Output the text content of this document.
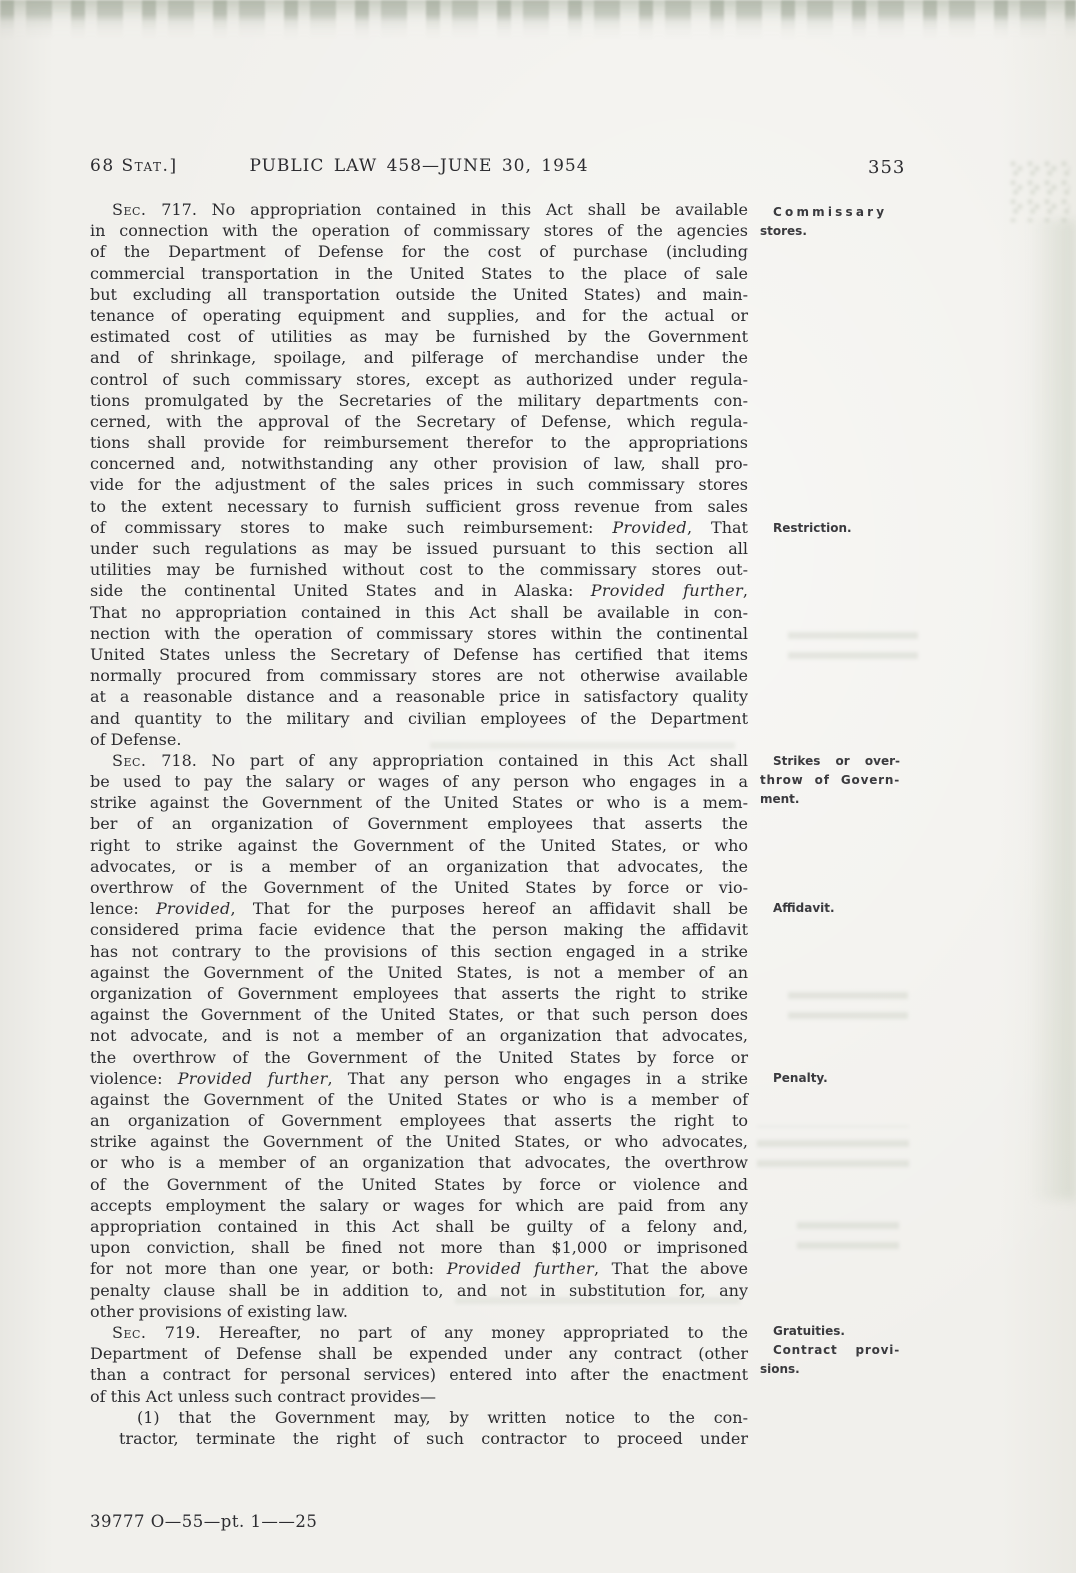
68 Stat.]	PUBLIC LAW 458—JUNE 30, 1954	353
Sec. 717. No appropriation contained in this Act shall be available
in connection with the operation of commissary stores of the agencies
of the Department of Defense for the cost of purchase (including
commercial transportation in the United States to the place of sale
but excluding all transportation outside the United States) and main-
tenance of operating equipment and supplies, and for the actual or
estimated cost of utilities as may be furnished by the Government
and of shrinkage, spoilage, and pilferage of merchandise under the
control of such commissary stores, except as authorized under regula-
tions promulgated by the Secretaries of the military departments con-
cerned, with the approval of the Secretary of Defense, which regula-
tions shall provide for reimbursement therefor to the appropriations
concerned and, notwithstanding any other provision of law, shall pro-
vide for the adjustment of the sales prices in such commissary stores
to the extent necessary to furnish sufficient gross revenue from sales
of commissary stores to make such reimbursement: Provided, That
under such regulations as may be issued pursuant to this section all
utilities may be furnished without cost to the commissary stores out-
side the continental United States and in Alaska: Provided further,
That no appropriation contained in this Act shall be available in con-
nection with the operation of commissary stores within the continental
United States unless the Secretary of Defense has certified that items
normally procured from commissary stores are not otherwise available
at a reasonable distance and a reasonable price in satisfactory quality
and quantity to the military and civilian employees of the Department
of Defense.
Sec. 718. No part of any appropriation contained in this Act shall
be used to pay the salary or wages of any person who engages in a
strike against the Government of the United States or who is a mem-
ber of an organization of Government employees that asserts the
right to strike against the Government of the United States, or who
advocates, or is a member of an organization that advocates, the
overthrow of the Government of the United States by force or vio-
lence: Provided, That for the purposes hereof an affidavit shall be
considered prima facie evidence that the person making the affidavit
has not contrary to the provisions of this section engaged in a strike
against the Government of the United States, is not a member of an
organization of Government employees that asserts the right to strike
against the Government of the United States, or that such person does
not advocate, and is not a member of an organization that advocates,
the overthrow of the Government of the United States by force or
violence: Provided further, That any person who engages in a strike
against the Government of the United States or who is a member of
an organization of Government employees that asserts the right to
strike against the Government of the United States, or who advocates,
or who is a member of an organization that advocates, the overthrow
of the Government of the United States by force or violence and
accepts employment the salary or wages for which are paid from any
appropriation contained in this Act shall be guilty of a felony and,
upon conviction, shall be fined not more than $1,000 or imprisoned
for not more than one year, or both: Provided further, That the above
penalty clause shall be in addition to, and not in substitution for, any
other provisions of existing law.
Sec. 719. Hereafter, no part of any money appropriated to the
Department of Defense shall be expended under any contract (other
than a contract for personal services) entered into after the enactment
of this Act unless such contract provides—
(1) that the Government may, by written notice to the con-
tractor, terminate the right of such contractor to proceed under
Commissary
stores.
Restriction.
Strikes or over-
throw of Govern-
ment.
Affidavit.
Penalty.
Gratuities.
Contract provi-
sions.
39777 O—55—pt. 1——25
